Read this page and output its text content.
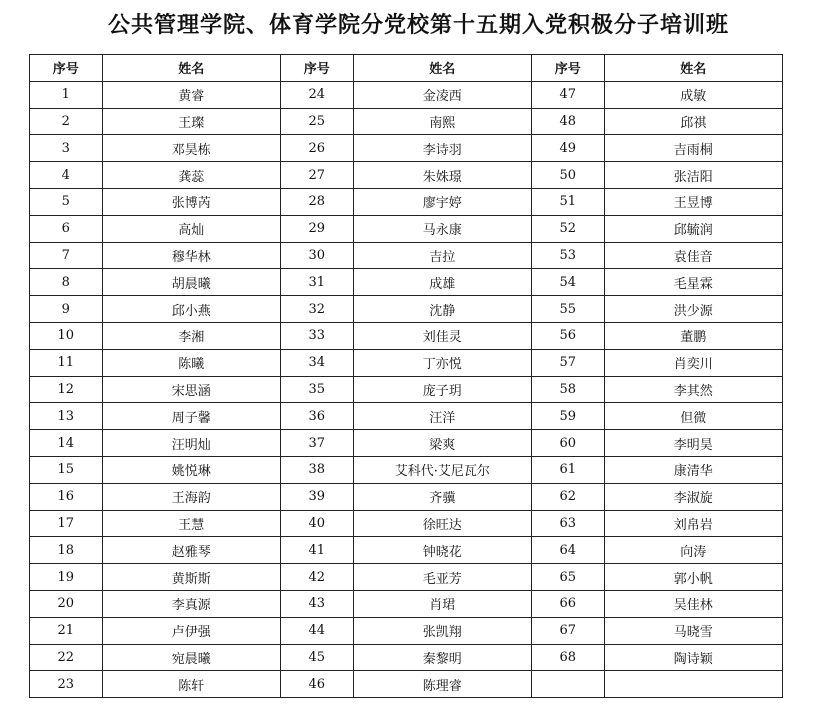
公共管理学院、体育学院分党校第十五期入党积极分子培训班
序号	姓名	序号	姓名	序号	姓名
1	黄睿	24	金凌西	47	成敏
2	王璨	25	南熙	48	邱祺
3	邓昊栋	26	李诗羽	49	吉雨桐
4	龚蕊	27	朱姝璟	50	张洁阳
5	张博芮	28	廖宇婷	51	王昱博
6	高灿	29	马永康	52	邱毓润
7	穆华林	30	吉拉	53	袁佳音
8	胡晨曦	31	成雄	54	毛星霖
9	邱小燕	32	沈静	55	洪少源
10	李湘	33	刘佳灵	56	董鹏
11	陈曦	34	丁亦悦	57	肖奕川
12	宋思涵	35	庞子玥	58	李其然
13	周子馨	36	汪洋	59	但微
14	汪明灿	37	梁爽	60	李明昊
15	姚悦琳	38	艾科代·艾尼瓦尔	61	康清华
16	王海韵	39	齐骥	62	李淑旋
17	王慧	40	徐旺达	63	刘帛岩
18	赵雅琴	41	钟晓花	64	向涛
19	黄斯斯	42	毛亚芳	65	郭小帆
20	李真源	43	肖珺	66	吴佳林
21	卢伊强	44	张凯翔	67	马晓雪
22	宛晨曦	45	秦黎明	68	陶诗颖
23	陈轩	46	陈理睿		
